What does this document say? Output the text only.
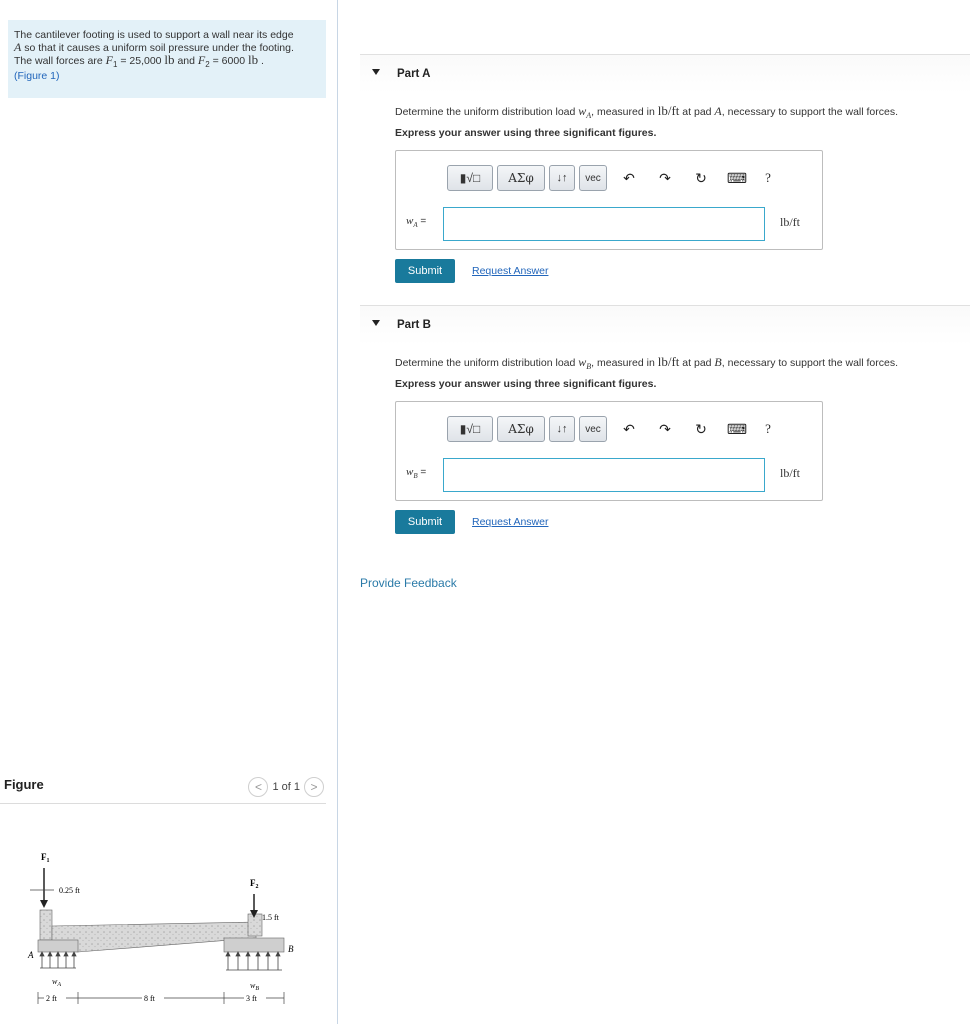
The cantilever footing is used to support a wall near its edge
A so that it causes a uniform soil pressure under the footing.
The wall forces are $F_1 = 25,000$ lb and $F_2 = 6000$ lb .
(Figure 1)
Figure	< 1 of 1 >
$F_1$
0.25 ft
$F_2$
1.5 ft
A
B
$w_A$	$w_B$
2 ft	8 ft	3 ft
Part A
Determine the uniform distribution load $w_A$, measured in lb/ft at pad A, necessary to support the wall forces.
Express your answer using three significant figures.
▮√□	ΑΣφ	↓↑	vec	↶	↷	↻	⌨	?
$w_A$ =	lb/ft
Submit	Request Answer
Part B
Determine the uniform distribution load $w_B$, measured in lb/ft at pad B, necessary to support the wall forces.
Express your answer using three significant figures.
▮√□	ΑΣφ	↓↑	vec	↶	↷	↻	⌨	?
$w_B$ =	lb/ft
Submit	Request Answer
Provide Feedback
